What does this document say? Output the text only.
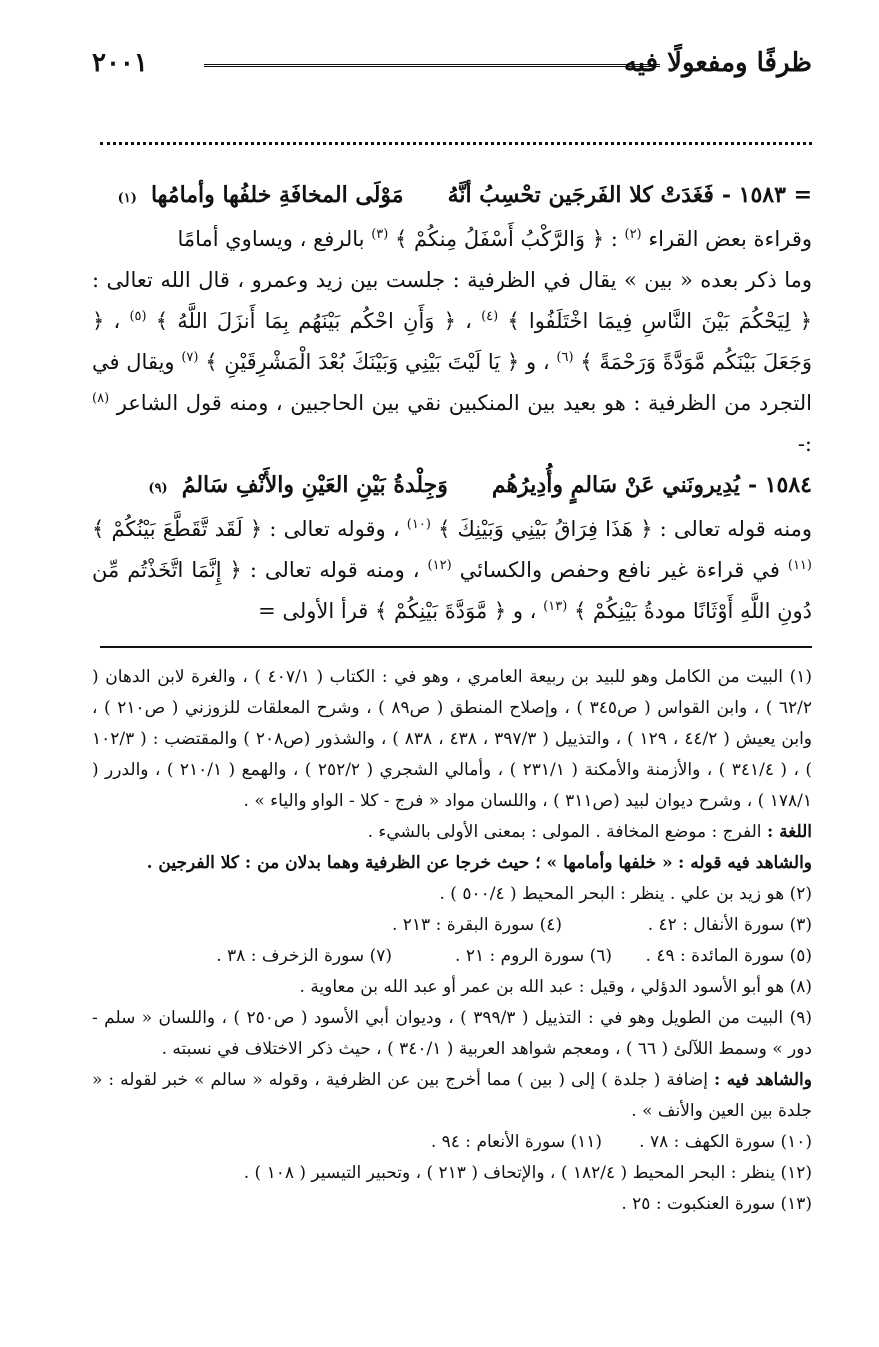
ظرفًا ومفعولًا فيه
٢٠٠١
= ١٥٨٣ -
فَغَدَتْ كلا الفَرجَين تحْسِبُ أنَّهُ
مَوْلَى المخافَةِ خلفُها وأمامُها
(١)

وقراءة بعض القراء $^{(٢)}$ : ﴿ وَالرَّكْبُ أَسْفَلُ مِنكُمْ ﴾ $^{(٣)}$ بالرفع ، ويساوي أمامًا

وما ذكر بعده « بين » يقال في الظرفية : جلست بين زيد وعمرو ، قال الله تعالى : ﴿ لِيَحْكُمَ بَيْنَ النَّاسِ فِيمَا اخْتَلَفُوا ﴾ $^{(٤)}$ ، ﴿ وَأَنِ احْكُم بَيْنَهُم بِمَا أَنزَلَ اللَّهُ ﴾ $^{(٥)}$ ، ﴿ وَجَعَلَ بَيْنَكُم مَّوَدَّةً وَرَحْمَةً ﴾ $^{(٦)}$ ، و ﴿ يَا لَيْتَ بَيْنِي وَبَيْنَكَ بُعْدَ الْمَشْرِقَيْنِ ﴾ $^{(٧)}$ ويقال في التجرد من الظرفية : هو بعيد بين المنكبين نقي بين الحاجبين ، ومنه قول الشاعر $^{(٨)}$ :-

١٥٨٤ -
يُدِيرونَني عَنْ سَالمٍ وأُدِيرُهُم
وَجِلْدةُ بَيْنِ العَيْنِ والأَنْفِ سَالمُ
(٩)

ومنه قوله تعالى : ﴿ هَذَا فِرَاقُ بَيْنِي وَبَيْنِكَ ﴾ $^{(١٠)}$ ، وقوله تعالى : ﴿ لَقَد تَّقَطَّعَ بَيْنُكُمْ ﴾ $^{(١١)}$ في قراءة غير نافع وحفص والكسائي $^{(١٢)}$ ، ومنه قوله تعالى : ﴿ إِنَّمَا اتَّخَذْتُم مِّن دُونِ اللَّهِ أَوْثَانًا مودةُ بَيْنِكُمْ ﴾ $^{(١٣)}$ ، و ﴿ مَّوَدَّةَ بَيْنِكُمْ ﴾ قرأ الأولى =

(١) البيت من الكامل وهو للبيد بن ربيعة العامري ، وهو في : الكتاب ( ٤٠٧/١ ) ، والغرة لابن الدهان ( ٦٢/٢ ) ، وابن القواس ( ص٣٤٥ ) ، وإصلاح المنطق ( ص٨٩ ) ، وشرح المعلقات للزوزني ( ص٢١٠ ) ، وابن يعيش ( ٤٤/٢ ، ١٢٩ ) ، والتذييل ( ٣٩٧/٣ ، ٤٣٨ ، ٨٣٨ ) ، والشذور (ص٢٠٨ ) والمقتضب : ( ١٠٢/٣ ) ، ( ٣٤١/٤ ) ، والأزمنة والأمكنة ( ٢٣١/١ ) ، وأمالي الشجري ( ٢٥٢/٢ ) ، والهمع ( ٢١٠/١ ) ، والدرر ( ١٧٨/١ ) ، وشرح ديوان لبيد (ص٣١١ ) ، واللسان مواد « فرج - كلا - الواو والياء » .

اللغة : الفرج : موضع المخافة . المولى : بمعنى الأولى بالشيء .

والشاهد فيه قوله : « خلفها وأمامها » ؛ حيث خرجا عن الظرفية وهما بدلان من : كلا الفرجين .

(٢) هو زيد بن علي . ينظر : البحر المحيط ( ٥٠٠/٤ ) .

(٣) سورة الأنفال : ٤٢ .
(٤) سورة البقرة : ٢١٣ .
(٥) سورة المائدة : ٤٩ .
(٦) سورة الروم : ٢١ .
(٧) سورة الزخرف : ٣٨ .

(٨) هو أبو الأسود الدؤلي ، وقيل : عبد الله بن عمر أو عبد الله بن معاوية .

(٩) البيت من الطويل وهو في : التذييل ( ٣٩٩/٣ ) ، وديوان أبي الأسود ( ص٢٥٠ ) ، واللسان « سلم - دور » وسمط اللآلئ ( ٦٦ ) ، ومعجم شواهد العربية ( ٣٤٠/١ ) ، حيث ذكر الاختلاف في نسبته .

والشاهد فيه : إضافة ( جلدة ) إلى ( بين ) مما أخرج بين عن الظرفية ، وقوله « سالم » خبر لقوله : « جلدة بين العين والأنف » .

(١٠) سورة الكهف : ٧٨ .
(١١) سورة الأنعام : ٩٤ .

(١٢) ينظر : البحر المحيط ( ١٨٢/٤ ) ، والإتحاف ( ٢١٣ ) ، وتحبير التيسير ( ١٠٨ ) .

(١٣) سورة العنكبوت : ٢٥ .
